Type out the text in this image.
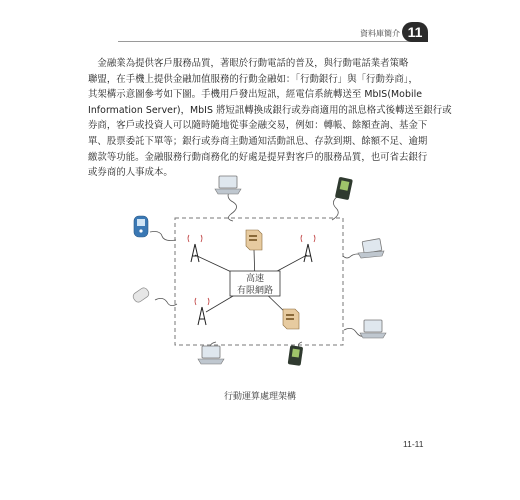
資料庫簡介 11
　金融業為提供客戶服務品質，著眼於行動電話的普及，與行動電話業者策略
聯盟，在手機上提供金融加值服務的行動金融如：「行動銀行」與「行動券商」，
其架構示意圖參考如下圖。手機用戶發出短訊，經電信系統轉送至 MbIS(Mobile
Information Server)，MbIS 將短訊轉換成銀行或券商適用的訊息格式後轉送至銀行或
券商，客戶或投資人可以隨時隨地從事金融交易，例如：轉帳、餘額查詢、基金下
單、股票委託下單等；銀行或券商主動通知活動訊息、存款到期、餘額不足、逾期
繳款等功能。金融服務行動商務化的好處是提昇對客戶的服務品質，也可省去銀行
或券商的人事成本。
高速
有限網路
行動運算處理架構
11-11
